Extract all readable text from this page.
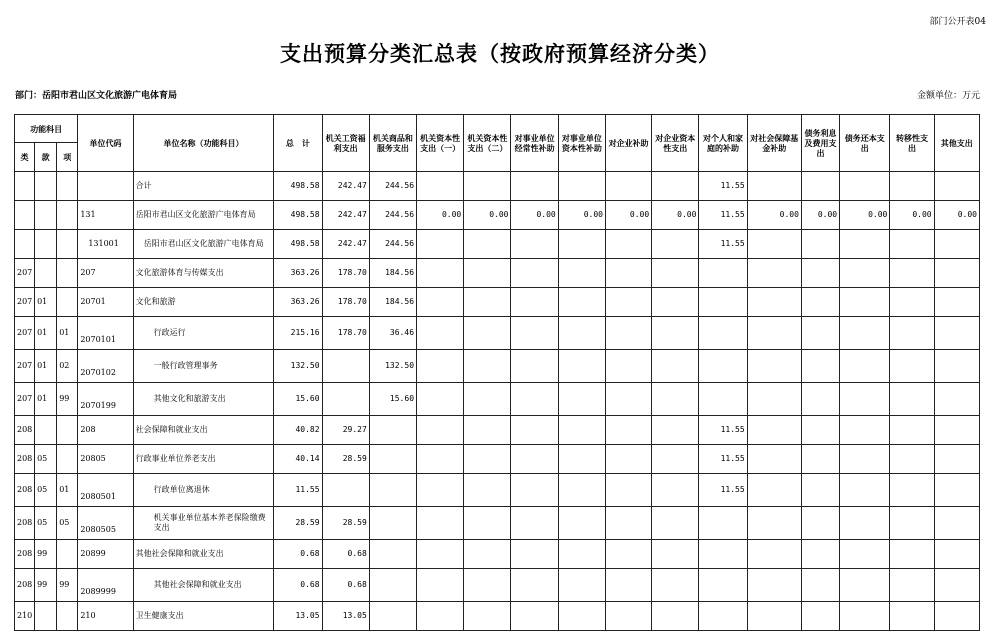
部门公开表04
支出预算分类汇总表（按政府预算经济分类）
部门：岳阳市君山区文化旅游广电体育局	金额单位：万元
功能科目			单位代码	单位名称（功能科目）	总　计	机关工资福利支出	机关商品和服务支出	机关资本性支出（一）	机关资本性支出（二）	对事业单位经常性补助	对事业单位资本性补助	对企业补助	对企业资本性支出	对个人和家庭的补助	对社会保障基金补助	债务利息及费用支出	债务还本支出	转移性支出	其他支出
类	款	项																	
				合计	498.58	242.47	244.56							11.55					
			131	岳阳市君山区文化旅游广电体育局	498.58	242.47	244.56	0.00	0.00	0.00	0.00	0.00	0.00	11.55	0.00	0.00	0.00	0.00	0.00
			131001	岳阳市君山区文化旅游广电体育局	498.58	242.47	244.56							11.55					
207			207	文化旅游体育与传媒支出	363.26	178.70	184.56												
207	01		20701	文化和旅游	363.26	178.70	184.56												
207	01	01	2070101	行政运行	215.16	178.70	36.46												
207	01	02	2070102	一般行政管理事务	132.50		132.50												
207	01	99	2070199	其他文化和旅游支出	15.60		15.60												
208			208	社会保障和就业支出	40.82	29.27								11.55					
208	05		20805	行政事业单位养老支出	40.14	28.59								11.55					
208	05	01	2080501	行政单位离退休	11.55									11.55					
208	05	05	2080505	机关事业单位基本养老保险缴费支出	28.59	28.59													
208	99		20899	其他社会保障和就业支出	0.68	0.68													
208	99	99	2089999	其他社会保障和就业支出	0.68	0.68													
210			210	卫生健康支出	13.05	13.05													
